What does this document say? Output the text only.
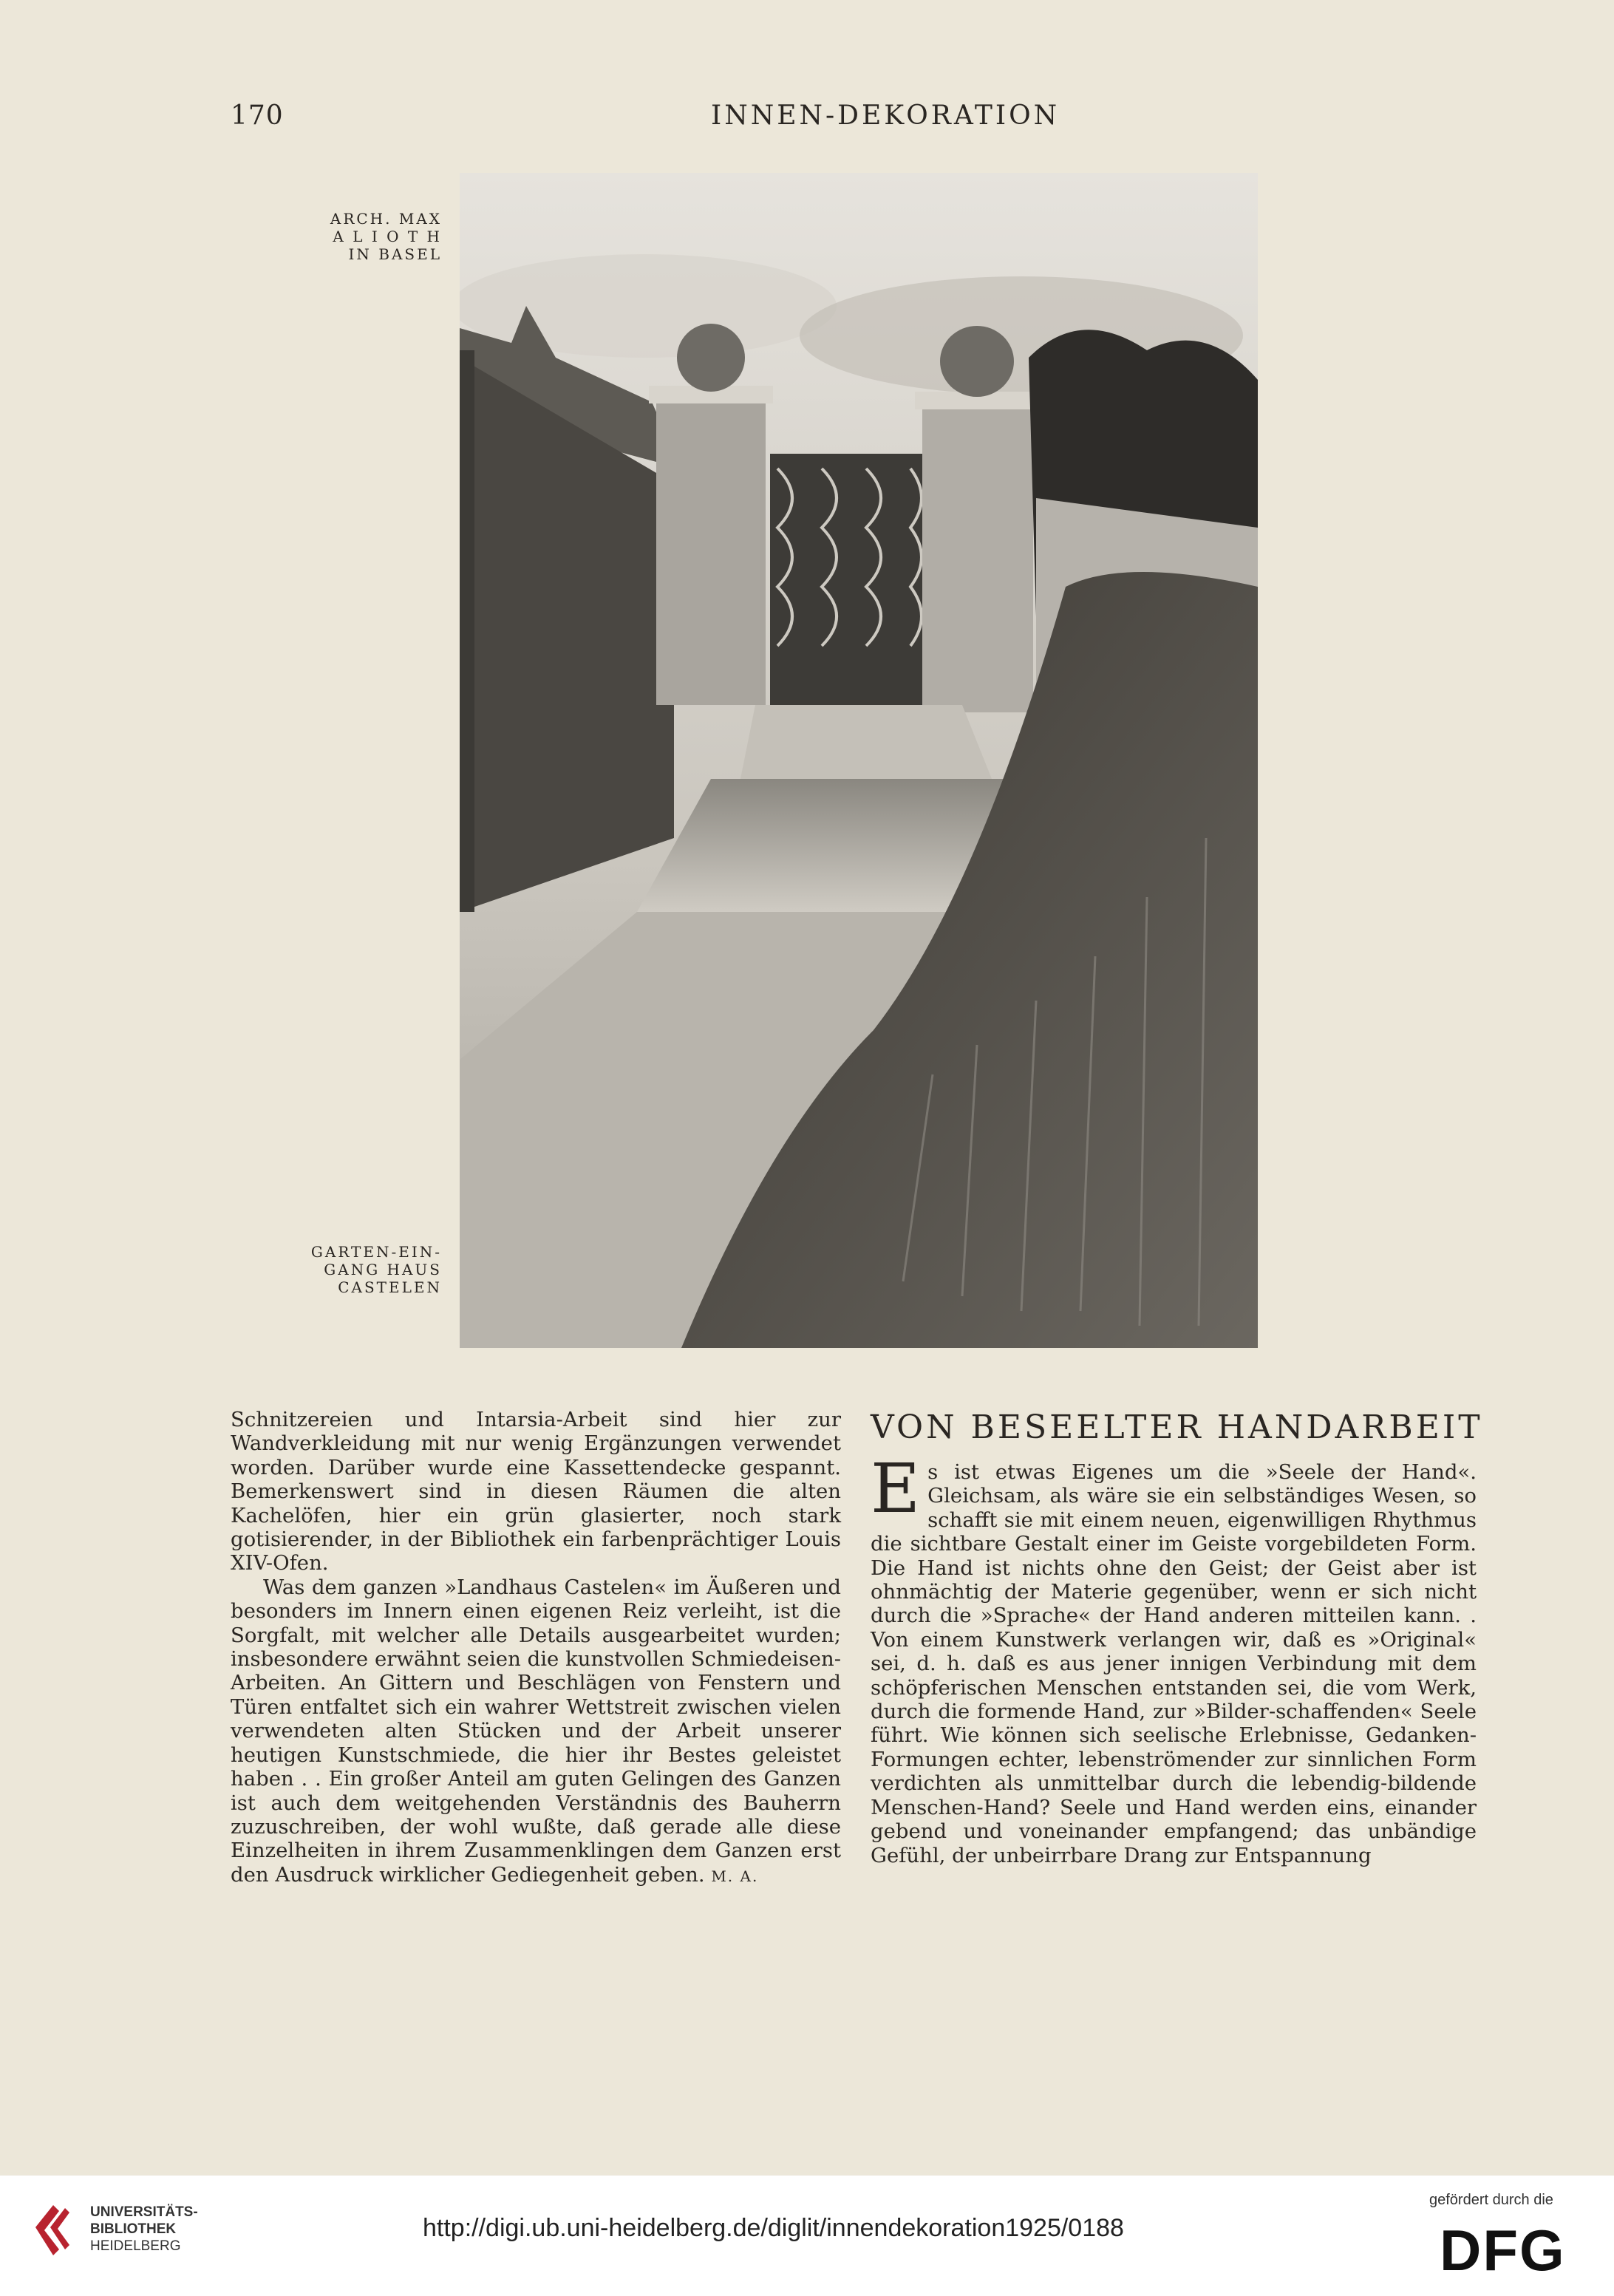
170	INNEN-DEKORATION
ARCH. MAX
A L I O T H
IN BASEL
GARTEN-EIN-
GANG HAUS
CASTELEN

Schnitzereien und Intarsia-Arbeit sind hier zur Wandverkleidung mit nur wenig Ergänzungen verwendet worden. Darüber wurde eine Kassettendecke gespannt. Bemerkenswert sind in diesen Räumen die alten Kachelöfen, hier ein grün glasierter, noch stark gotisierender, in der Bibliothek ein farbenprächtiger Louis XIV-Ofen.

Was dem ganzen »Landhaus Castelen« im Äußeren und besonders im Innern einen eigenen Reiz verleiht, ist die Sorgfalt, mit welcher alle Details ausgearbeitet wurden; insbesondere erwähnt seien die kunstvollen Schmiedeisen-Arbeiten. An Gittern und Beschlägen von Fenstern und Türen entfaltet sich ein wahrer Wettstreit zwischen vielen verwendeten alten Stücken und der Arbeit unserer heutigen Kunstschmiede, die hier ihr Bestes geleistet haben . . Ein großer Anteil am guten Gelingen des Ganzen ist auch dem weitgehenden Verständnis des Bauherrn zuzuschreiben, der wohl wußte, daß gerade alle diese Einzelheiten in ihrem Zusammenklingen dem Ganzen erst den Ausdruck wirklicher Gediegenheit geben. M. A.

VON BESEELTER HANDARBEIT

Es ist etwas Eigenes um die »Seele der Hand«. Gleichsam, als wäre sie ein selbständiges Wesen, so schafft sie mit einem neuen, eigenwilligen Rhythmus die sichtbare Gestalt einer im Geiste vorgebildeten Form. Die Hand ist nichts ohne den Geist; der Geist aber ist ohnmächtig der Materie gegenüber, wenn er sich nicht durch die »Sprache« der Hand anderen mitteilen kann. . Von einem Kunstwerk verlangen wir, daß es »Original« sei, d. h. daß es aus jener innigen Verbindung mit dem schöpferischen Menschen entstanden sei, die vom Werk, durch die formende Hand, zur »Bilder-schaffenden« Seele führt. Wie können sich seelische Erlebnisse, Gedanken-Formungen echter, lebenströmender zur sinnlichen Form verdichten als unmittelbar durch die lebendig-bildende Menschen-Hand? Seele und Hand werden eins, einander gebend und voneinander empfangend; das unbändige Gefühl, der unbeirrbare Drang zur Entspannung

UNIVERSITÄTS-
BIBLIOTHEK
HEIDELBERG
http://digi.ub.uni-heidelberg.de/diglit/innendekoration1925/0188
gefördert durch die
DFG
